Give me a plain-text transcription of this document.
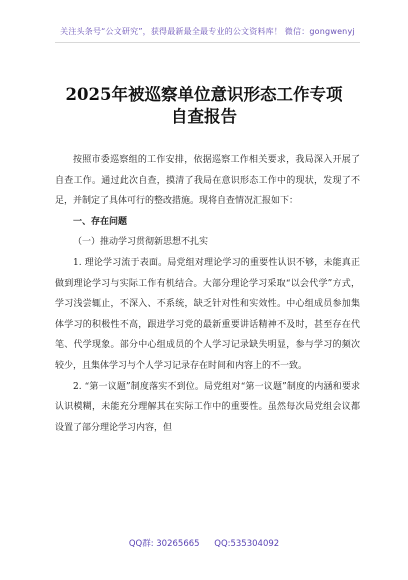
关注头条号“公文研究”，获得最新最全最专业的公文资料库！ 微信：gongwenyj
2025年被巡察单位意识形态工作专项
自查报告

按照市委巡察组的工作安排，依据巡察工作相关要求，我局深入开展了自查工作。通过此次自查，摸清了我局在意识形态工作中的现状，发现了不足，并制定了具体可行的整改措施。现将自查情况汇报如下：

一、存在问题

（一）推动学习贯彻新思想不扎实

1. 理论学习流于表面。局党组对理论学习的重要性认识不够，未能真正做到理论学习与实际工作有机结合。大部分理论学习采取“以会代学”方式，学习浅尝辄止，不深入、不系统，缺乏针对性和实效性。中心组成员参加集体学习的积极性不高，跟进学习党的最新重要讲话精神不及时，甚至存在代笔、代学现象。部分中心组成员的个人学习记录缺失明显，参与学习的频次较少，且集体学习与个人学习记录存在时间和内容上的不一致。

2. “第一议题”制度落实不到位。局党组对“第一议题”制度的内涵和要求认识模糊，未能充分理解其在实际工作中的重要性。虽然每次局党组会议都设置了部分理论学习内容，但

QQ群: 30265665 QQ:535304092
